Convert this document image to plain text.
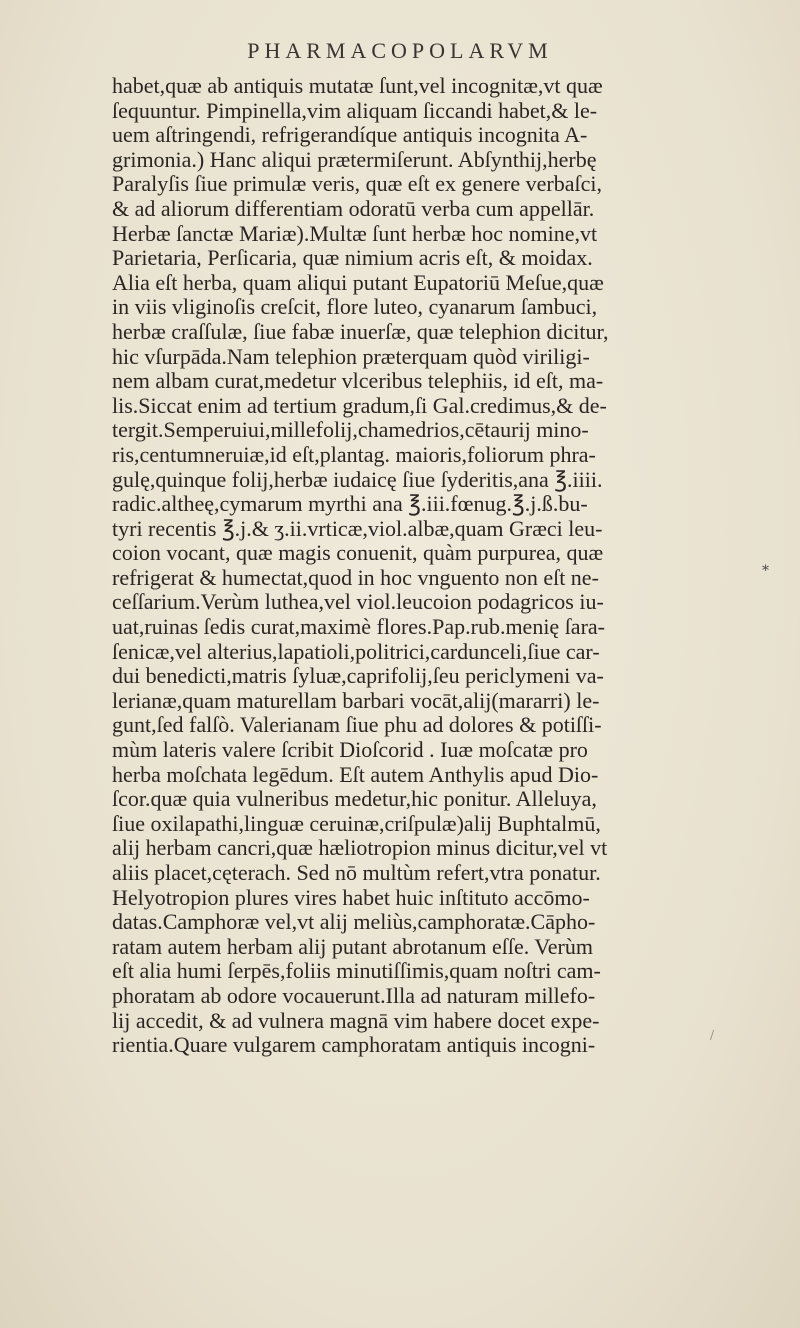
PHARMACOPOLARVM
habet,quæ ab antiquis mutatæ ſunt,vel incognitæ,vt quæ
ſequuntur. Pimpinella,vim aliquam ſiccandi habet,& le-
uem aſtringendi, refrigerandíque antiquis incognita A-
grimonia.) Hanc aliqui prætermiſerunt. Abſynthij,herbę
Paralyſis ſiue primulæ veris, quæ eſt ex genere verbaſci,
& ad aliorum differentiam odoratū verba cum appellār.
Herbæ ſanctæ Mariæ).Multæ ſunt herbæ hoc nomine,vt
Parietaria, Perſicaria, quæ nimium acris eſt, & moidax.
Alia eſt herba, quam aliqui putant Eupatoriū Meſue,quæ
in viis vliginoſis creſcit, flore luteo, cyanarum ſambuci,
herbæ craſſulæ, ſiue fabæ inuerſæ, quæ telephion dicitur,
hic vſurpāda.Nam telephion præterquam quòd viriligi-
nem albam curat,medetur vlceribus telephiis, id eſt, ma-
lis.Siccat enim ad tertium gradum,ſi Gal.credimus,& de-
tergit.Semperuiui,millefolij,chamedrios,cētaurij mino-
ris,centumneruiæ,id eſt,plantag. maioris,foliorum phra-
gulę,quinque folij,herbæ iudaicę ſiue ſyderitis,ana ℥.iiii.
radic.altheę,cymarum myrthi ana ℥.iii.fœnug.℥.j.ß.bu-
tyri recentis ℥.j.& ʒ.ii.vrticæ,viol.albæ,quam Græci leu-
coion vocant, quæ magis conuenit, quàm purpurea, quæ
refrigerat & humectat,quod in hoc vnguento non eſt ne-
ceſſarium.Verùm luthea,vel viol.leucoion podagricos iu-
uat,ruinas ſedis curat,maximè flores.Pap.rub.menię ſara-
ſenicæ,vel alterius,lapatioli,politrici,cardunceli,ſiue car-
dui benedicti,matris ſyluæ,caprifolij,ſeu periclymeni va-
lerianæ,quam maturellam barbari vocāt,alij(mararri) le-
gunt,ſed falſò. Valerianam ſiue phu ad dolores & potiſſi-
mùm lateris valere ſcribit Dioſcorid . Iuæ moſcatæ pro
herba moſchata legēdum. Eſt autem Anthylis apud Dio-
ſcor.quæ quia vulneribus medetur,hic ponitur. Alleluya,
ſiue oxilapathi,linguæ ceruinæ,criſpulæ)alij Buphtalmū,
alij herbam cancri,quæ hæliotropion minus dicitur,vel vt
aliis placet,cęterach. Sed nō multùm refert,vtra ponatur.
Helyotropion plures vires habet huic inſtituto accōmo-
datas.Camphoræ vel,vt alij meliùs,camphoratæ.Cāpho-
ratam autem herbam alij putant abrotanum eſſe. Verùm
eſt alia humi ſerpēs,foliis minutiſſimis,quam noſtri cam-
phoratam ab odore vocauerunt.Illa ad naturam millefo-
lij accedit, & ad vulnera magnā vim habere docet expe-
rientia.Quare vulgarem camphoratam antiquis incogni-
*
/
